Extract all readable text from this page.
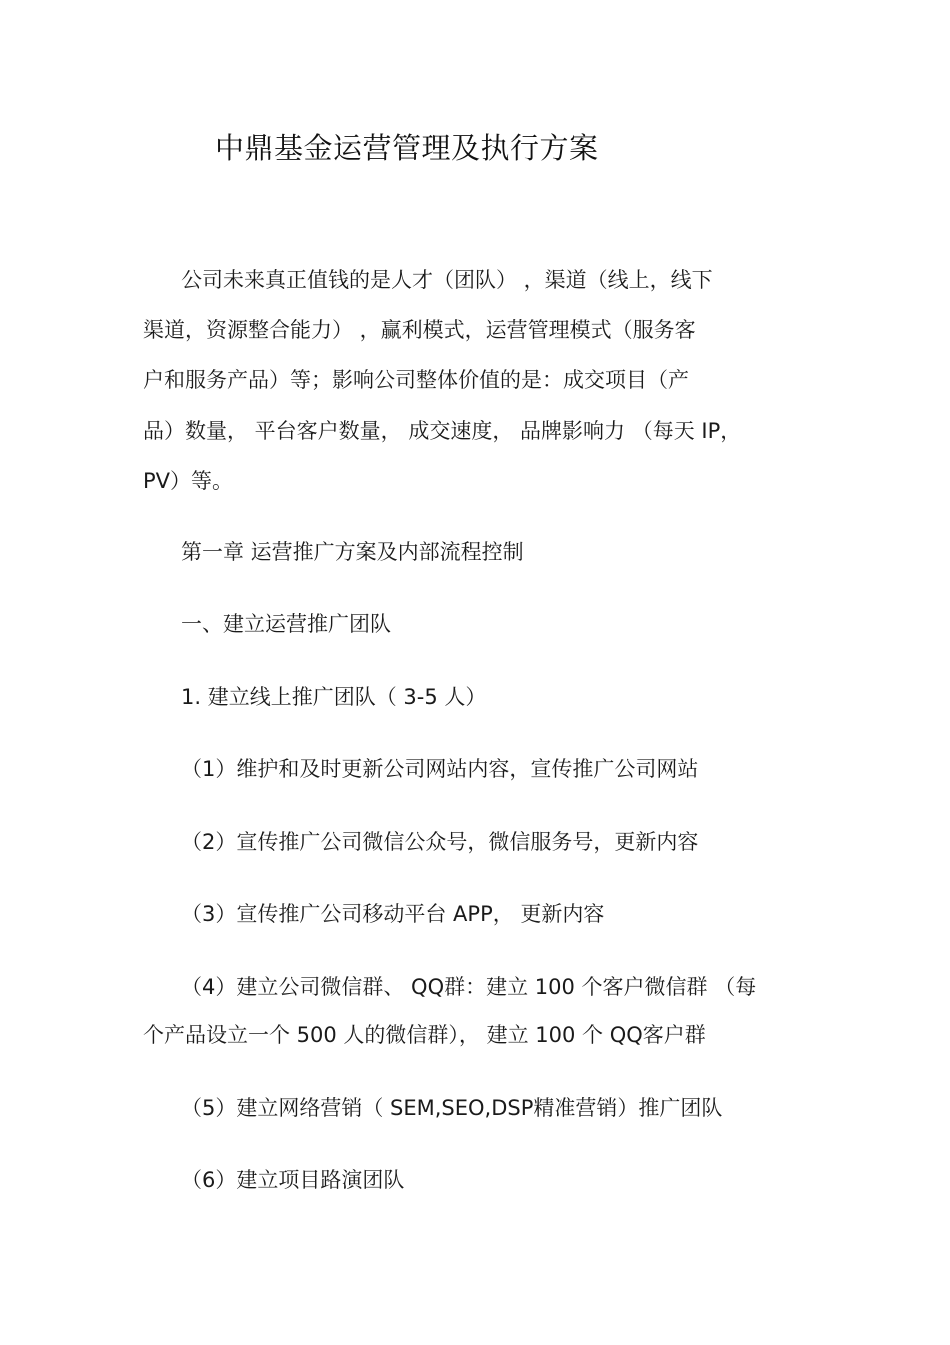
中鼎基金运营管理及执行方案
公司未来真正值钱的是人才（团队） ，渠道（线上，线下
渠道，资源整合能力） ，赢利模式，运营管理模式（服务客
户和服务产品）等；影响公司整体价值的是：成交项目（产
品）数量， 平台客户数量， 成交速度， 品牌影响力 （每天 IP，
PV）等。
第一章 运营推广方案及内部流程控制
一、建立运营推广团队
1. 建立线上推广团队（ 3-5 人）
（1）维护和及时更新公司网站内容，宣传推广公司网站
（2）宣传推广公司微信公众号，微信服务号，更新内容
（3）宣传推广公司移动平台 APP， 更新内容
（4）建立公司微信群、 QQ群：建立 100 个客户微信群 （每
个产品设立一个 500 人的微信群）， 建立 100 个 QQ客户群
（5）建立网络营销（ SEM,SEO,DSP精准营销）推广团队
（6）建立项目路演团队
